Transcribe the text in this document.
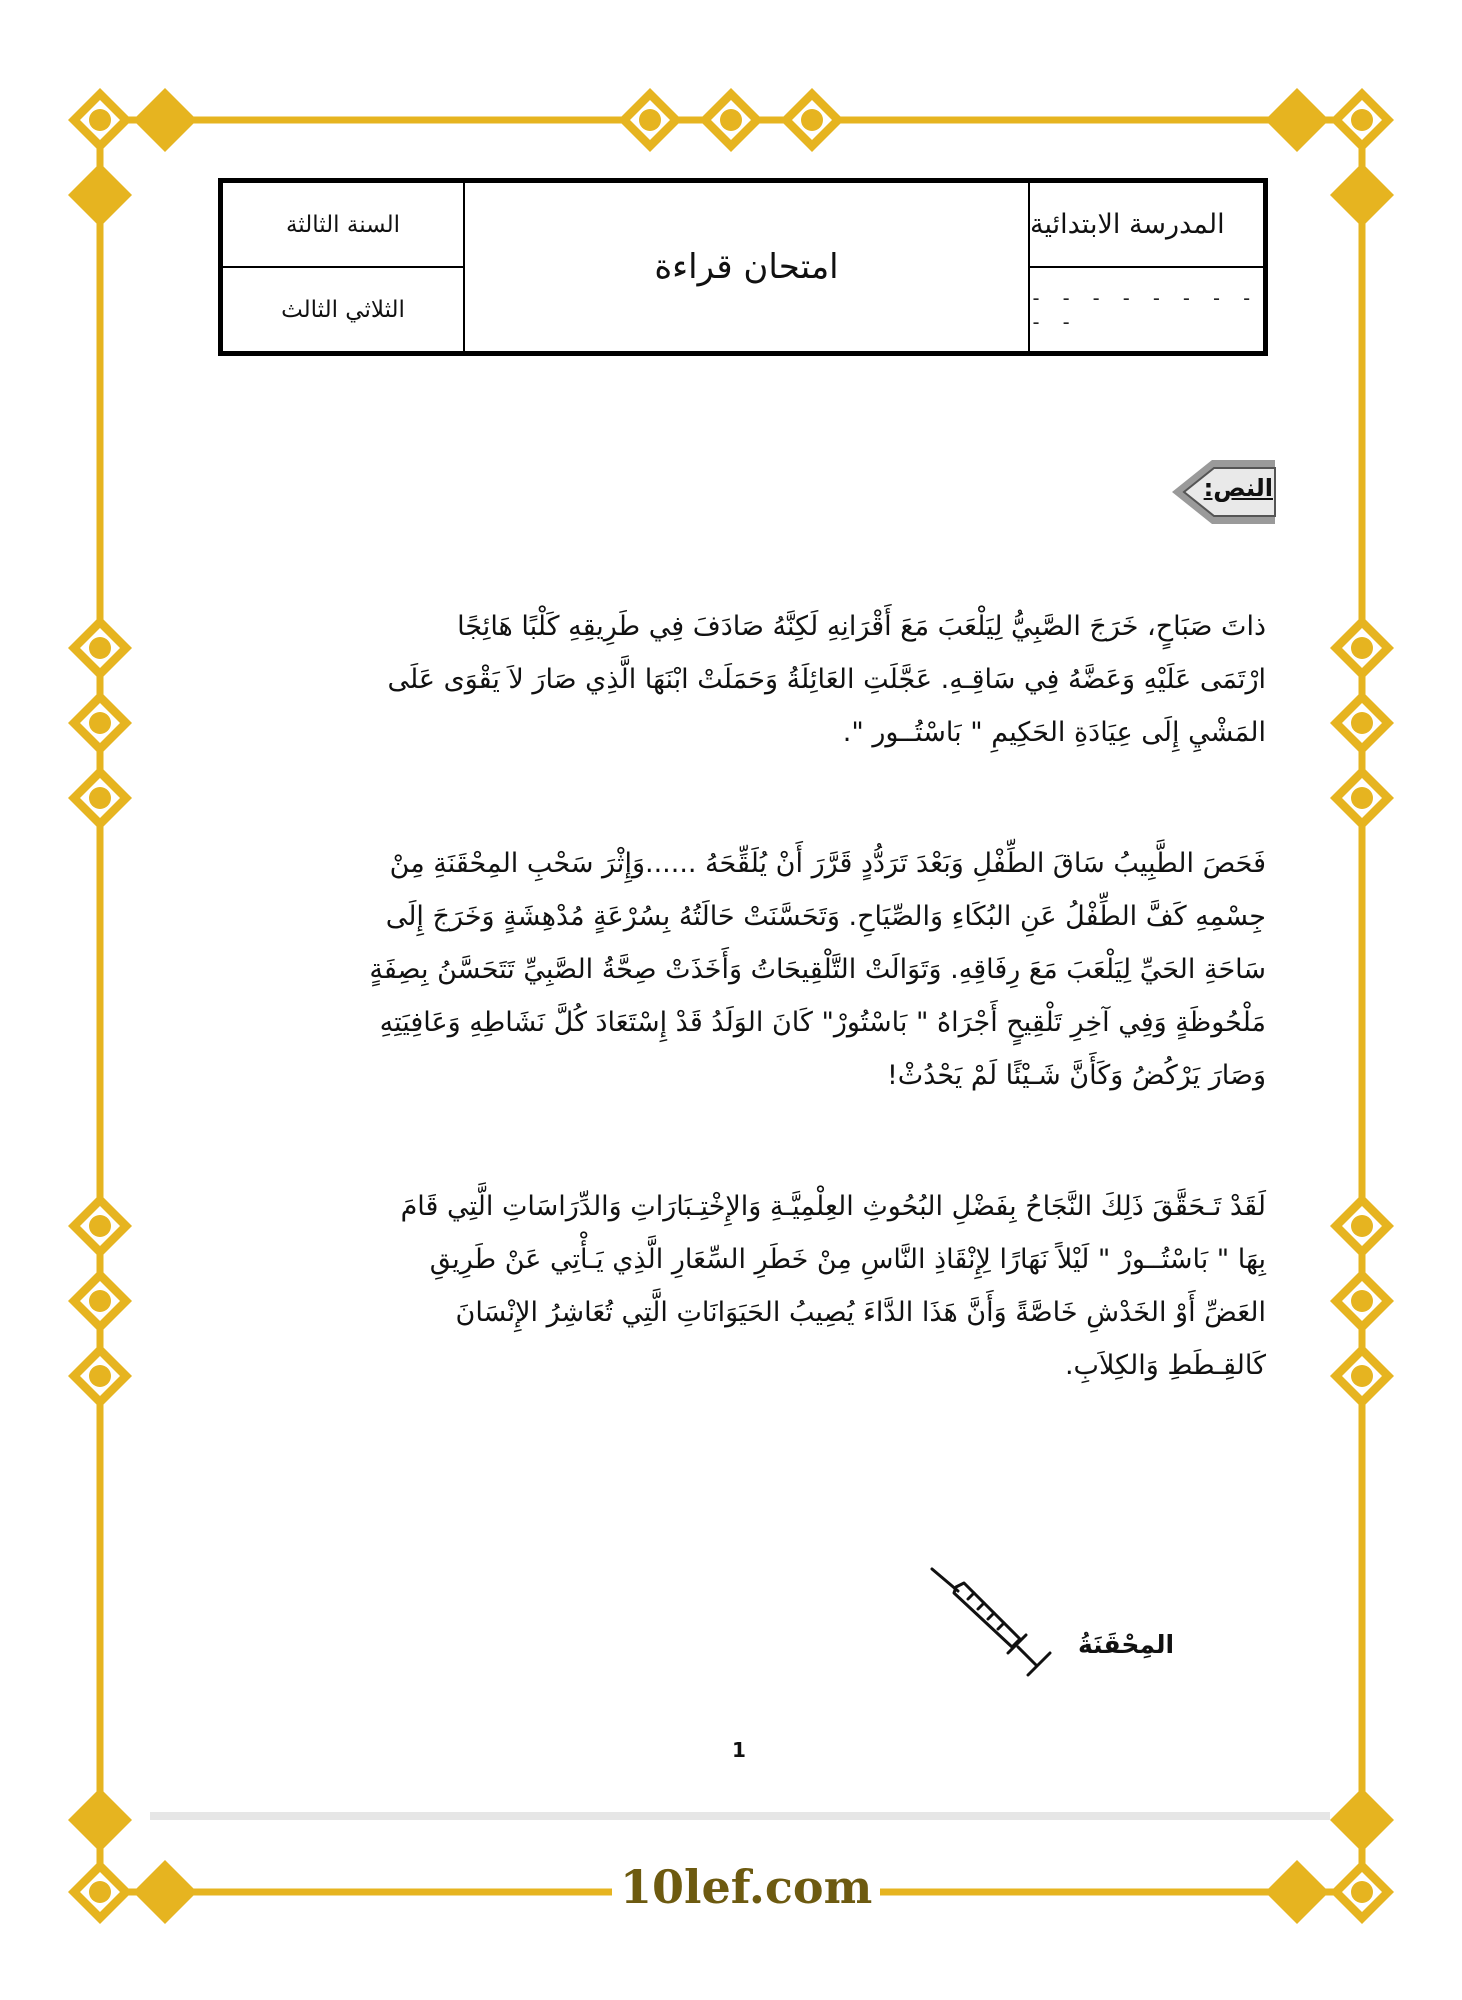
السنة الثالثة
الثلاثي الثالث
امتحان قراءة
المدرسة الابتدائية
- - - - - - - - - -
النص:
ذاتَ صَبَاحٍ، خَرَجَ الصَّبِيُّ لِيَلْعَبَ مَعَ أَقْرَانِهِ لَكِنَّهُ صَادَفَ فِي طَرِيقِهِ كَلْبًا هَائِجًا
ارْتَمَى عَلَيْهِ وَعَضَّهُ فِي سَاقِـهِ. عَجَّلَتِ العَائِلَةُ وَحَمَلَتْ ابْنَهَا الَّذِي صَارَ لاَ يَقْوَى عَلَى
المَشْيِ إِلَى عِيَادَةِ الحَكِيمِ " بَاسْتُــور ".
فَحَصَ الطَّبِيبُ سَاقَ الطِّفْلِ وَبَعْدَ تَرَدُّدٍ قَرَّرَ أَنْ يُلَقِّحَهُ ......وَإِثْرَ سَحْبِ المِحْقَنَةِ مِنْ
جِسْمِهِ كَفَّ الطِّفْلُ عَنِ البُكَاءِ وَالصِّيَاحِ. وَتَحَسَّنَتْ حَالَتُهُ بِسُرْعَةٍ مُدْهِشَةٍ وَخَرَجَ إِلَى
سَاحَةِ الحَيِّ لِيَلْعَبَ مَعَ رِفَاقِهِ. وَتَوَالَتْ التَّلْقِيحَاتُ وَأَخَذَتْ صِحَّةُ الصَّبِيِّ تَتَحَسَّنُ بِصِفَةٍ
مَلْحُوظَةٍ وَفِي آخِرِ تَلْقِيحٍ أَجْرَاهُ " بَاسْتُورْ" كَانَ الوَلَدُ قَدْ إِسْتَعَادَ كُلَّ نَشَاطِهِ وَعَافِيَتِهِ
وَصَارَ يَرْكُضُ وَكَأَنَّ شَـيْئًا لَمْ يَحْدُثْ!
لَقَدْ تَـحَقَّقَ ذَلِكَ النَّجَاحُ بِفَضْلِ البُحُوثِ العِلْمِيَّـةِ وَالإِخْتِـبَارَاتِ وَالدِّرَاسَاتِ الَّتِي قَامَ
بِهَا " بَاسْتُــورْ " لَيْلاً نَهَارًا لِإِنْقَاذِ النَّاسِ مِنْ خَطَرِ السِّعَارِ الَّذِي يَـأْتِي عَنْ طَرِيقِ
العَضِّ أَوْ الخَدْشِ خَاصَّةً وَأَنَّ هَذَا الدَّاءَ يُصِيبُ الحَيَوَانَاتِ الَّتِي تُعَاشِرُ الإِنْسَانَ
كَالقِـطَطِ وَالكِلاَبِ.
المِحْقَنَةُ
1
10lef.com
